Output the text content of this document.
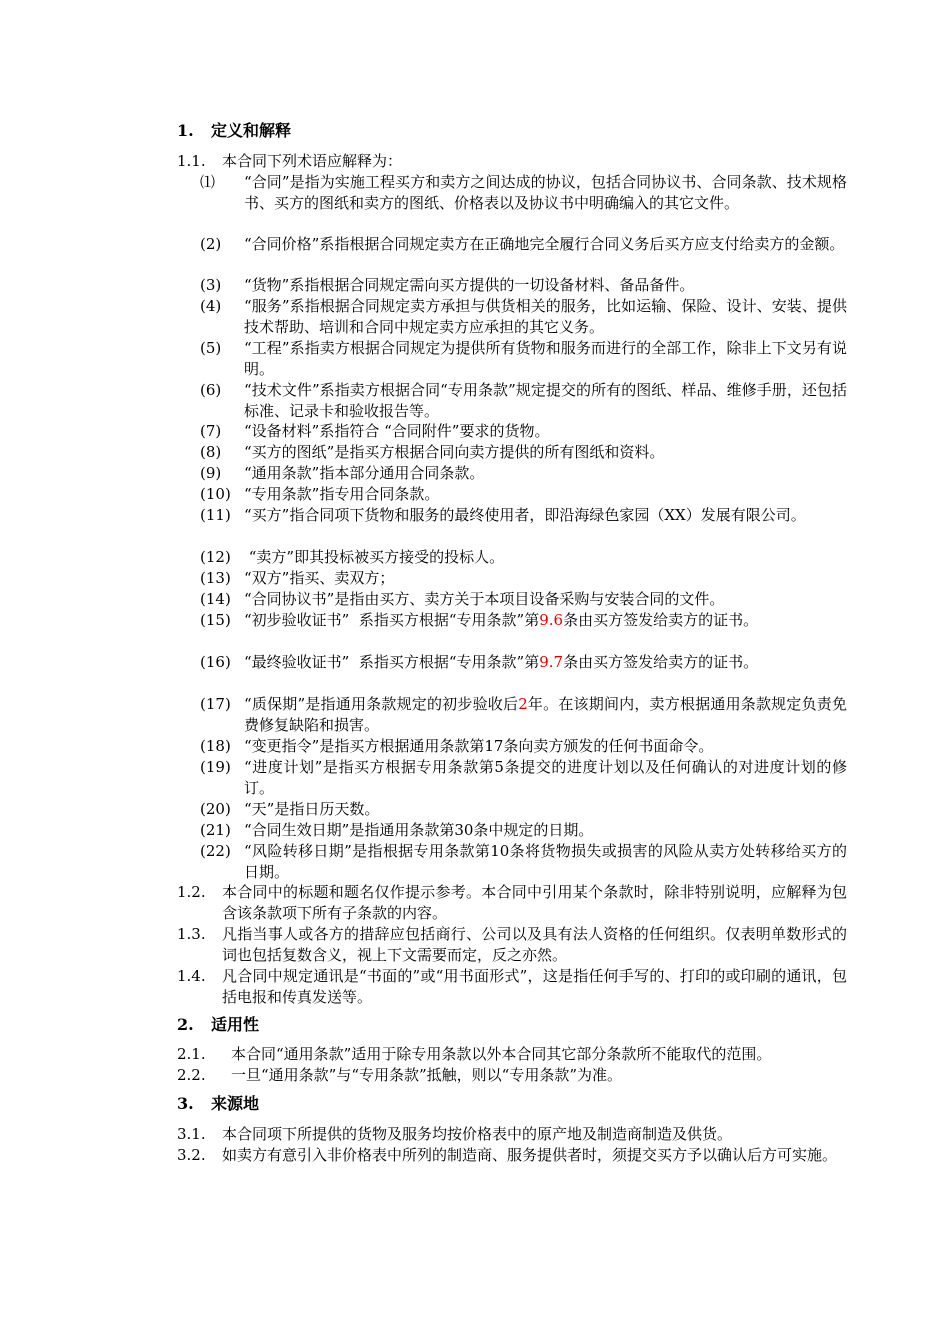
1. 定义和解释
1.1.	本合同下列术语应解释为：
⑴	“合同”是指为实施工程买方和卖方之间达成的协议，包括合同协议书、合同条款、技术规格书、买方的图纸和卖方的图纸、价格表以及协议书中明确编入的其它文件。
(2)	“合同价格”系指根据合同规定卖方在正确地完全履行合同义务后买方应支付给卖方的金额。
(3)	“货物”系指根据合同规定需向买方提供的一切设备材料、备品备件。
(4)	“服务”系指根据合同规定卖方承担与供货相关的服务，比如运输、保险、设计、安装、提供技术帮助、培训和合同中规定卖方应承担的其它义务。
(5)	“工程”系指卖方根据合同规定为提供所有货物和服务而进行的全部工作，除非上下文另有说明。
(6)	“技术文件”系指卖方根据合同“专用条款”规定提交的所有的图纸、样品、维修手册，还包括标准、记录卡和验收报告等。
(7)	“设备材料”系指符合 “合同附件”要求的货物。
(8)	“买方的图纸”是指买方根据合同向卖方提供的所有图纸和资料。
(9)	“通用条款”指本部分通用合同条款。
(10) “专用条款”指专用合同条款。
(11) “买方”指合同项下货物和服务的最终使用者，即沿海绿色家园（XX）发展有限公司。
(12) “卖方”即其投标被买方接受的投标人。
(13) “双方”指买、卖双方；
(14) “合同协议书”是指由买方、卖方关于本项目设备采购与安装合同的文件。
(15) “初步验收证书”  系指买方根据“专用条款”第9.6条由买方签发给卖方的证书。
(16) “最终验收证书”  系指买方根据“专用条款”第9.7条由买方签发给卖方的证书。
(17) “质保期”是指通用条款规定的初步验收后2年。在该期间内，卖方根据通用条款规定负责免费修复缺陷和损害。
(18) “变更指令”是指买方根据通用条款第17条向卖方颁发的任何书面命令。
(19) “进度计划”是指买方根据专用条款第5条提交的进度计划以及任何确认的对进度计划的修订。
(20) “天”是指日历天数。
(21) “合同生效日期”是指通用条款第30条中规定的日期。
(22) “风险转移日期”是指根据专用条款第10条将货物损失或损害的风险从卖方处转移给买方的日期。
1.2.	本合同中的标题和题名仅作提示参考。本合同中引用某个条款时，除非特别说明，应解释为包含该条款项下所有子条款的内容。
1.3.	凡指当事人或各方的措辞应包括商行、公司以及具有法人资格的任何组织。仅表明单数形式的词也包括复数含义，视上下文需要而定，反之亦然。
1.4.	凡合同中规定通讯是“书面的”或“用书面形式”，这是指任何手写的、打印的或印刷的通讯，包括电报和传真发送等。
2. 适用性
2.1.	本合同“通用条款”适用于除专用条款以外本合同其它部分条款所不能取代的范围。
2.2.	一旦“通用条款”与“专用条款”抵触，则以“专用条款”为准。
3. 来源地
3.1.	本合同项下所提供的货物及服务均按价格表中的原产地及制造商制造及供货。
3.2.	如卖方有意引入非价格表中所列的制造商、服务提供者时，须提交买方予以确认后方可实施。
